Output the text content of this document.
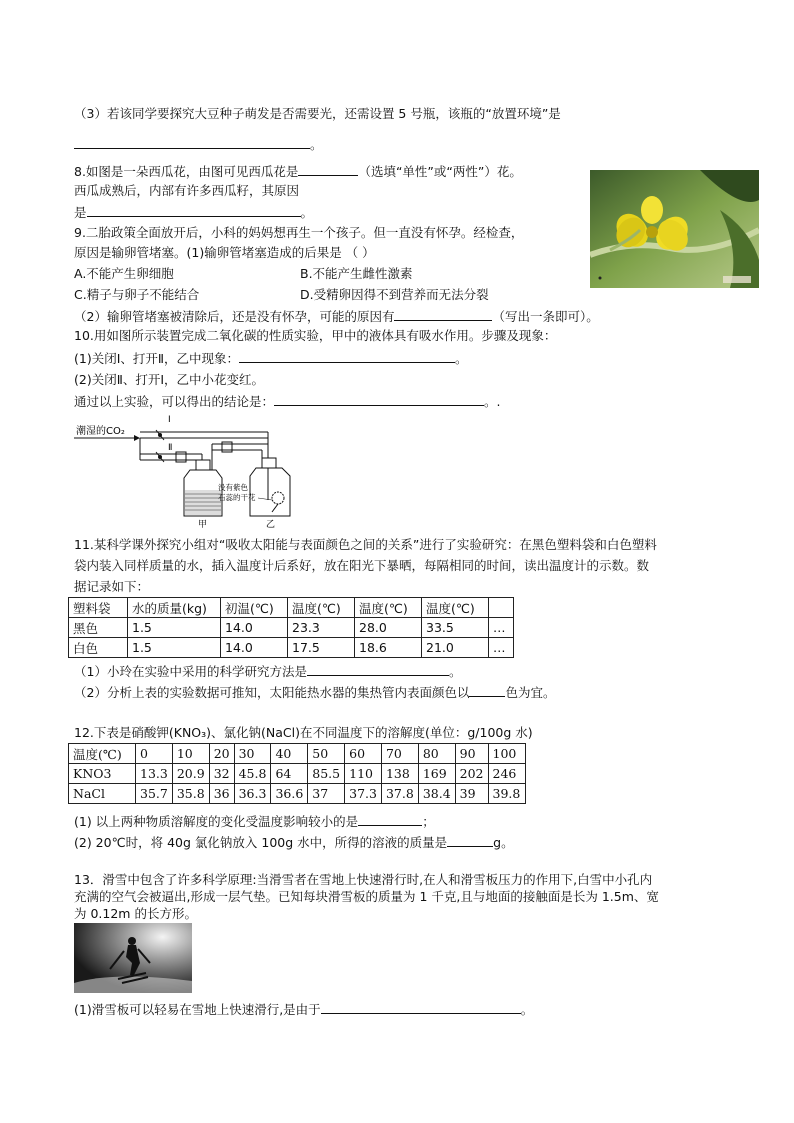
（3）若该同学要探究大豆种子萌发是否需要光，还需设置 5 号瓶，该瓶的“放置环境”是
。
8.如图是一朵西瓜花，由图可见西瓜花是	（选填“单性”或“两性”）花。
西瓜成熟后，内部有许多西瓜籽，其原因
是	。
9.二胎政策全面放开后，小科的妈妈想再生一个孩子。但一直没有怀孕。经检查，
原因是输卵管堵塞。(1)输卵管堵塞造成的后果是 （ ）
A.不能产生卵细胞	B.不能产生雌性激素
C.精子与卵子不能结合	D.受精卵因得不到营养而无法分裂
（2）输卵管堵塞被清除后，还是没有怀孕，可能的原因有	（写出一条即可）。
10.用如图所示装置完成二氧化碳的性质实验，甲中的液体具有吸水作用。步骤及现象：
(1)关闭Ⅰ、打开Ⅱ，乙中现象：	。
(2)关闭Ⅱ、打开Ⅰ，乙中小花变红。
通过以上实验，可以得出的结论是：	。.
潮湿的CO₂
Ⅰ
Ⅱ
甲
没有紫色
石蕊的干花
乙
11.某科学课外探究小组对“吸收太阳能与表面颜色之间的关系”进行了实验研究：在黑色塑料袋和白色塑料
袋内装入同样质量的水，插入温度计后系好，放在阳光下暴晒，每隔相同的时间，读出温度计的示数。数
据记录如下：
塑料袋	水的质量(kg)	初温(℃)	温度(℃)	温度(℃)	温度(℃)	
黑色	1.5	14.0	23.3	28.0	33.5	…
白色	1.5	14.0	17.5	18.6	21.0	…
（1）小玲在实验中采用的科学研究方法是	。
（2）分析上表的实验数据可推知，太阳能热水器的集热管内表面颜色以	色为宜。
12.下表是硝酸钾(KNO₃)、氯化钠(NaCl)在不同温度下的溶解度(单位：g/100g 水)
温度(℃)	0	10	20	30	40	50	60	70	80	90	100
KNO3	13.3	20.9	32	45.8	64	85.5	110	138	169	202	246
NaCl	35.7	35.8	36	36.3	36.6	37	37.3	37.8	38.4	39	39.8
(1) 以上两种物质溶解度的变化受温度影响较小的是	；
(2) 20℃时，将 40g 氯化钠放入 100g 水中，所得的溶液的质量是	g。
13．滑雪中包含了许多科学原理:当滑雪者在雪地上快速滑行时,在人和滑雪板压力的作用下,白雪中小孔内
充满的空气会被逼出,形成一层气垫。已知每块滑雪板的质量为 1 千克,且与地面的接触面是长为 1.5m、宽
为 0.12m 的长方形。
(1)滑雪板可以轻易在雪地上快速滑行,是由于	。
